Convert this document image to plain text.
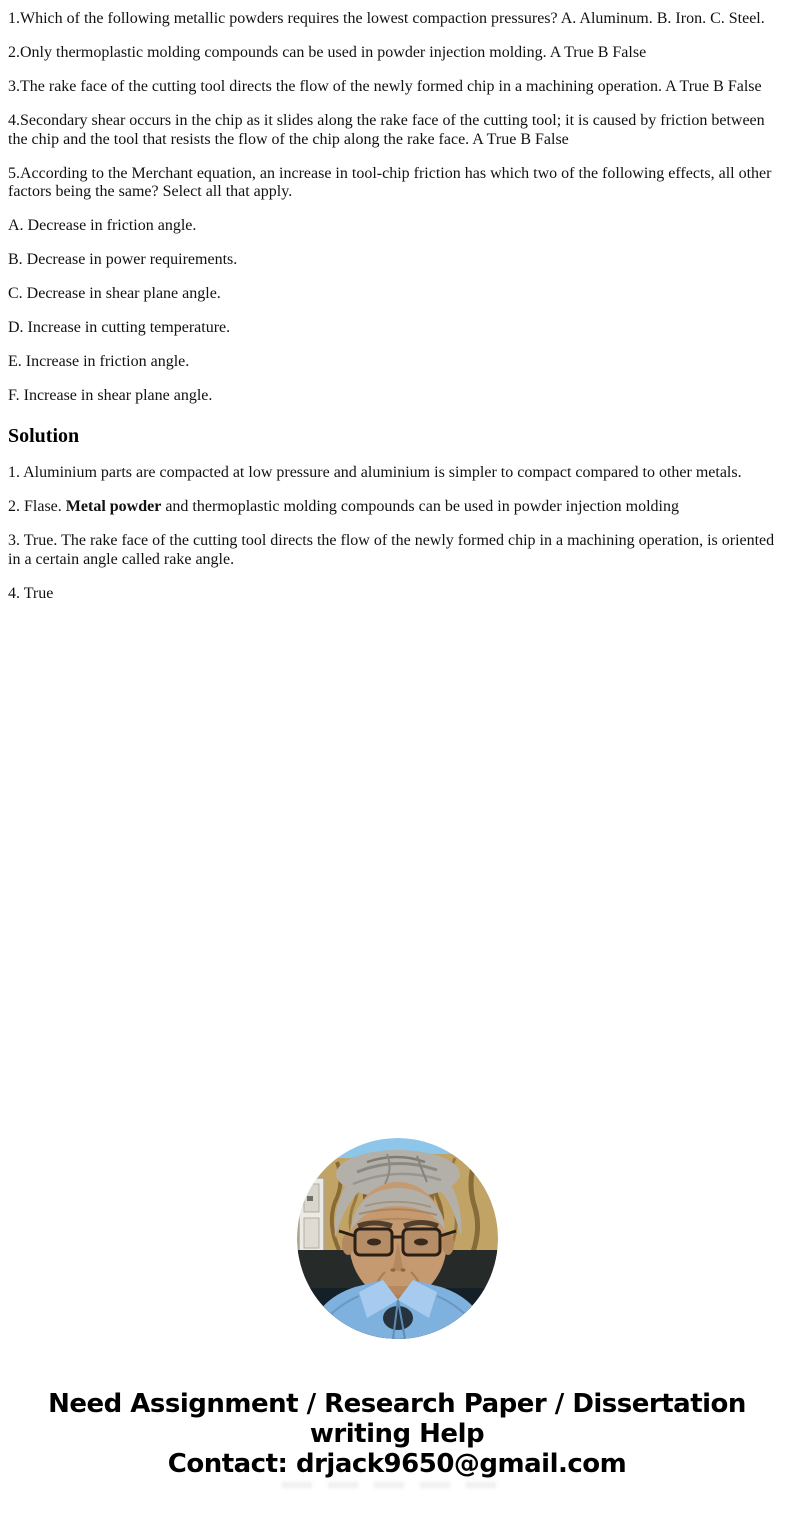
1.Which of the following metallic powders requires the lowest compaction pressures? A. Aluminum. B. Iron. C. Steel.

2.Only thermoplastic molding compounds can be used in powder injection molding. A True B False

3.The rake face of the cutting tool directs the flow of the newly formed chip in a machining operation. A True B False

4.Secondary shear occurs in the chip as it slides along the rake face of the cutting tool; it is caused by friction between the chip and the tool that resists the flow of the chip along the rake face. A True B False

5.According to the Merchant equation, an increase in tool-chip friction has which two of the following effects, all other factors being the same? Select all that apply.

A. Decrease in friction angle.

B. Decrease in power requirements.

C. Decrease in shear plane angle.

D. Increase in cutting temperature.

E. Increase in friction angle.

F. Increase in shear plane angle.

Solution

1. Aluminium parts are compacted at low pressure and aluminium is simpler to compact compared to other metals.

2. Flase. Metal powder and thermoplastic molding compounds can be used in powder injection molding

3. True. The rake face of the cutting tool directs the flow of the newly formed chip in a machining operation, is oriented in a certain angle called rake angle.

4. True

Need Assignment / Research Paper / Dissertation
writing Help
Contact: drjack9650@gmail.com
